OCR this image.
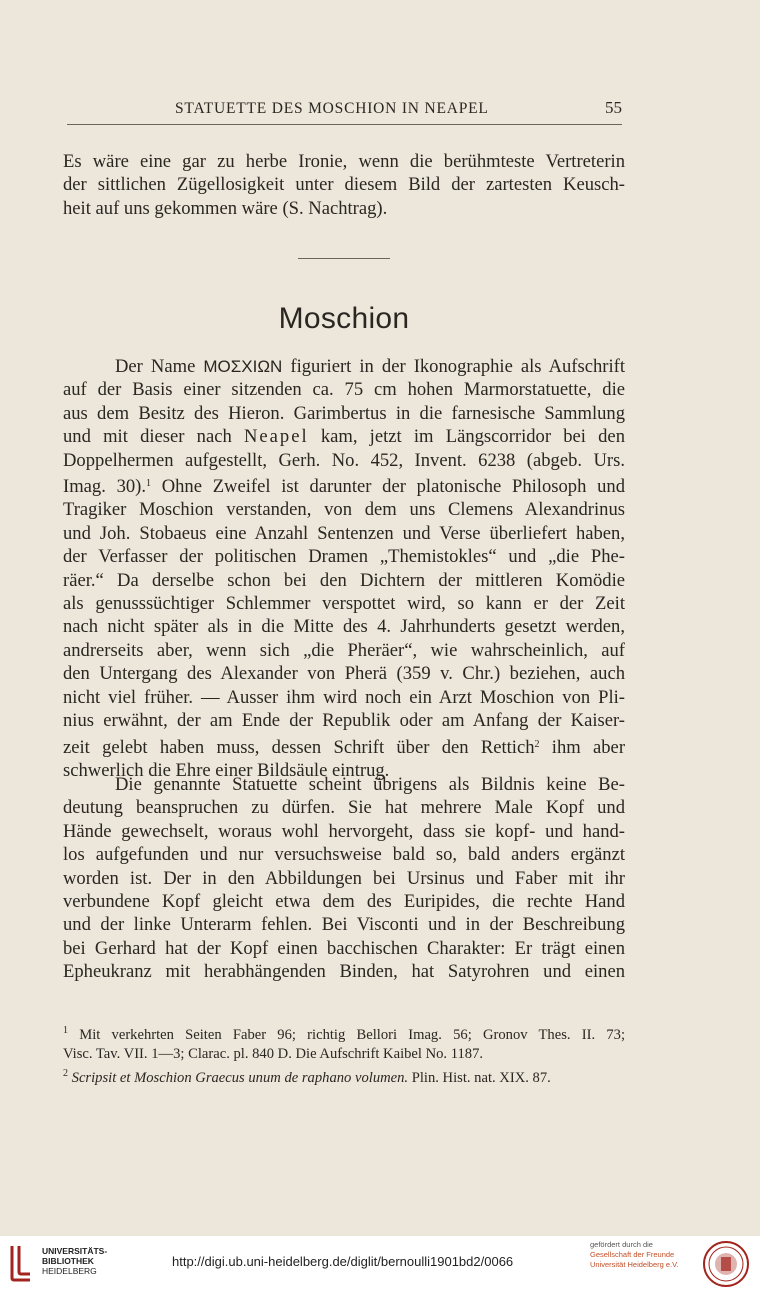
STATUETTE DES MOSCHION IN NEAPEL	55
Es wäre eine gar zu herbe Ironie, wenn die berühmteste Vertreterin
der sittlichen Zügellosigkeit unter diesem Bild der zartesten Keusch-
heit auf uns gekommen wäre (S. Nachtrag).
Moschion
Der Name ΜΟΣΧΙΩΝ figuriert in der Ikonographie als Aufschrift
auf der Basis einer sitzenden ca. 75 cm hohen Marmorstatuette, die
aus dem Besitz des Hieron. Garimbertus in die farnesische Sammlung
und mit dieser nach Neapel kam, jetzt im Längscorridor bei den
Doppelhermen aufgestellt, Gerh. No. 452, Invent. 6238 (abgeb. Urs.
Imag. 30).$^1$ Ohne Zweifel ist darunter der platonische Philosoph und
Tragiker Moschion verstanden, von dem uns Clemens Alexandrinus
und Joh. Stobaeus eine Anzahl Sentenzen und Verse überliefert haben,
der Verfasser der politischen Dramen „Themistokles“ und „die Phe-
räer.“ Da derselbe schon bei den Dichtern der mittleren Komödie
als genusssüchtiger Schlemmer verspottet wird, so kann er der Zeit
nach nicht später als in die Mitte des 4. Jahrhunderts gesetzt werden,
andrerseits aber, wenn sich „die Pheräer“, wie wahrscheinlich, auf
den Untergang des Alexander von Pherä (359 v. Chr.) beziehen, auch
nicht viel früher. — Ausser ihm wird noch ein Arzt Moschion von Pli-
nius erwähnt, der am Ende der Republik oder am Anfang der Kaiser-
zeit gelebt haben muss, dessen Schrift über den Rettich$^2$ ihm aber
schwerlich die Ehre einer Bildsäule eintrug.
Die genannte Statuette scheint übrigens als Bildnis keine Be-
deutung beanspruchen zu dürfen. Sie hat mehrere Male Kopf und
Hände gewechselt, woraus wohl hervorgeht, dass sie kopf- und hand-
los aufgefunden und nur versuchsweise bald so, bald anders ergänzt
worden ist. Der in den Abbildungen bei Ursinus und Faber mit ihr
verbundene Kopf gleicht etwa dem des Euripides, die rechte Hand
und der linke Unterarm fehlen. Bei Visconti und in der Beschreibung
bei Gerhard hat der Kopf einen bacchischen Charakter: Er trägt einen
Epheukranz mit herabhängenden Binden, hat Satyrohren und einen
$^1$ Mit verkehrten Seiten Faber 96; richtig Bellori Imag. 56; Gronov Thes. II. 73;
Visc. Tav. VII. 1—3; Clarac. pl. 840 D. Die Aufschrift Kaibel No. 1187.
$^2$ Scripsit et Moschion Graecus unum de raphano volumen. Plin. Hist. nat. XIX. 87.
UNIVERSITÄTS-
BIBLIOTHEK
HEIDELBERG
http://digi.ub.uni-heidelberg.de/diglit/bernoulli1901bd2/0066
gefördert durch die
Gesellschaft der Freunde
Universität Heidelberg e.V.
